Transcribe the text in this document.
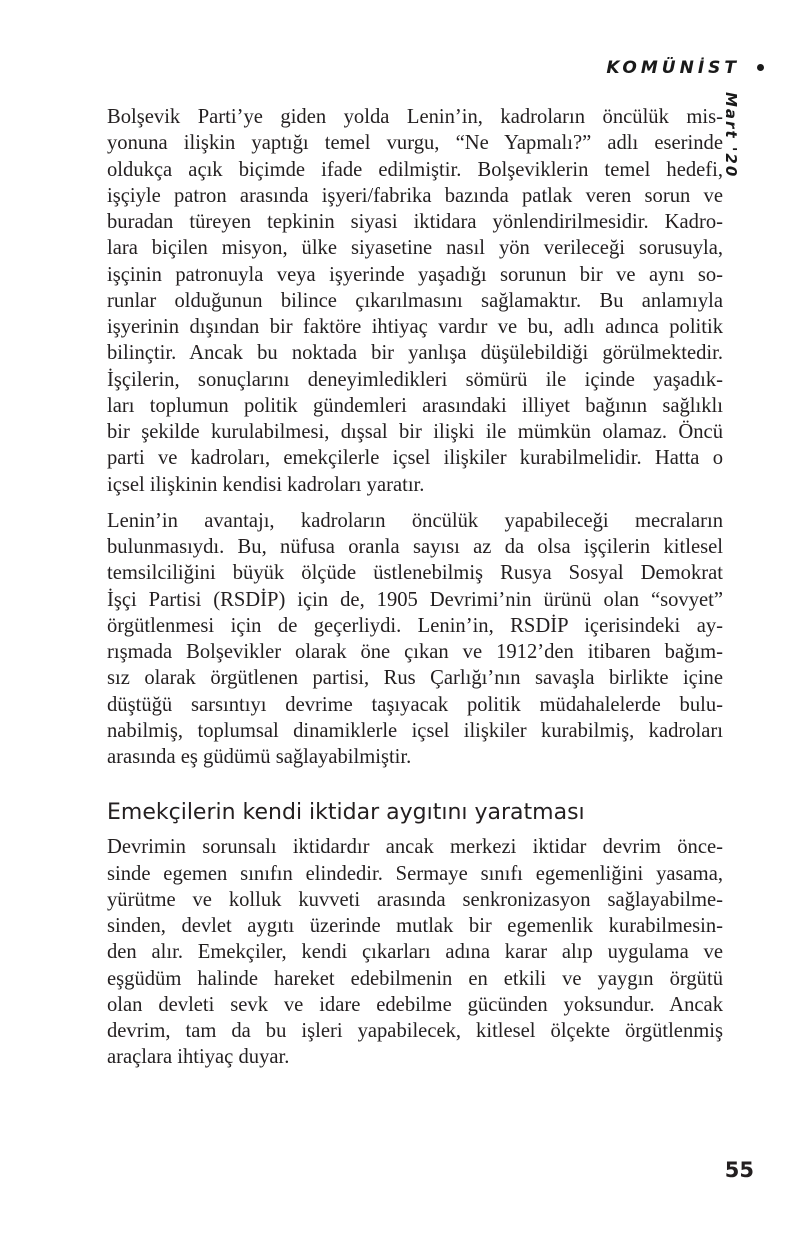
KOMÜNİST
Mart '20

Bolşevik Parti’ye giden yolda Lenin’in, kadroların öncülük mis-
yonuna ilişkin yaptığı temel vurgu, “Ne Yapmalı?” adlı eserinde
oldukça açık biçimde ifade edilmiştir. Bolşeviklerin temel hedefi,
işçiyle patron arasında işyeri/fabrika bazında patlak veren sorun ve
buradan türeyen tepkinin siyasi iktidara yönlendirilmesidir. Kadro-
lara biçilen misyon, ülke siyasetine nasıl yön verileceği sorusuyla,
işçinin patronuyla veya işyerinde yaşadığı sorunun bir ve aynı so-
runlar olduğunun bilince çıkarılmasını sağlamaktır. Bu anlamıyla
işyerinin dışından bir faktöre ihtiyaç vardır ve bu, adlı adınca politik
bilinçtir. Ancak bu noktada bir yanlışa düşülebildiği görülmektedir.
İşçilerin, sonuçlarını deneyimledikleri sömürü ile içinde yaşadık-
ları toplumun politik gündemleri arasındaki illiyet bağının sağlıklı
bir şekilde kurulabilmesi, dışsal bir ilişki ile mümkün olamaz. Öncü
parti ve kadroları, emekçilerle içsel ilişkiler kurabilmelidir. Hatta o
içsel ilişkinin kendisi kadroları yaratır.

Lenin’in avantajı, kadroların öncülük yapabileceği mecraların
bulunmasıydı. Bu, nüfusa oranla sayısı az da olsa işçilerin kitlesel
temsilciliğini büyük ölçüde üstlenebilmiş Rusya Sosyal Demokrat
İşçi Partisi (RSDİP) için de, 1905 Devrimi’nin ürünü olan “sovyet”
örgütlenmesi için de geçerliydi. Lenin’in, RSDİP içerisindeki ay-
rışmada Bolşevikler olarak öne çıkan ve 1912’den itibaren bağım-
sız olarak örgütlenen partisi, Rus Çarlığı’nın savaşla birlikte içine
düştüğü sarsıntıyı devrime taşıyacak politik müdahalelerde bulu-
nabilmiş, toplumsal dinamiklerle içsel ilişkiler kurabilmiş, kadroları
arasında eş güdümü sağlayabilmiştir.

Emekçilerin kendi iktidar aygıtını yaratması

Devrimin sorunsalı iktidardır ancak merkezi iktidar devrim önce-
sinde egemen sınıfın elindedir. Sermaye sınıfı egemenliğini yasama,
yürütme ve kolluk kuvveti arasında senkronizasyon sağlayabilme-
sinden, devlet aygıtı üzerinde mutlak bir egemenlik kurabilmesin-
den alır. Emekçiler, kendi çıkarları adına karar alıp uygulama ve
eşgüdüm halinde hareket edebilmenin en etkili ve yaygın örgütü
olan devleti sevk ve idare edebilme gücünden yoksundur. Ancak
devrim, tam da bu işleri yapabilecek, kitlesel ölçekte örgütlenmiş
araçlara ihtiyaç duyar.

55
